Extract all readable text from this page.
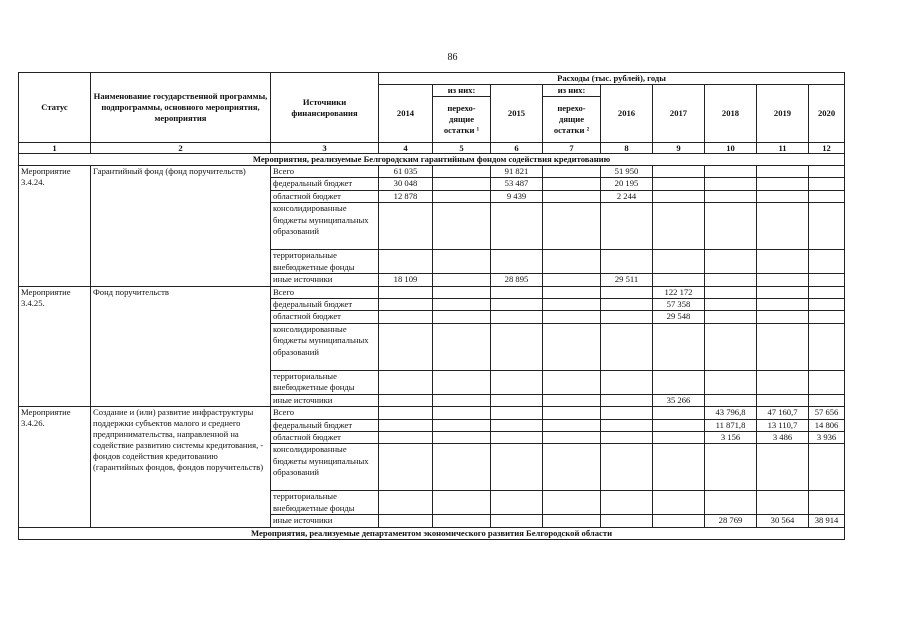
86
Статус	Наименование государственной программы, подпрограммы, основного мероприятия, мероприятия	Источники финансирования	Расходы (тыс. рублей), годы								
			2014	из них:	2015	из них:	2016	2017	2018	2019	2020
				перехо-дящие остатки ¹		перехо-дящие остатки ²					
1	2	3	4	5	6	7	8	9	10	11	12
Мероприятия, реализуемые Белгородским гарантийным фондом содействия кредитованию											
Мероприятие 3.4.24.	Гарантийный фонд (фонд поручительств)	Всего	61 035		91 821		51 950				
		федеральный бюджет	30 048		53 487		20 195				
		областной бюджет	12 878		9 439		2 244				
		консолидированные бюджеты муниципальных образований									
		территориальные внебюджетные фонды									
		иные источники	18 109		28 895		29 511				
Мероприятие 3.4.25.	Фонд поручительств	Всего						122 172			
		федеральный бюджет						57 358			
		областной бюджет						29 548			
		консолидированные бюджеты муниципальных образований									
		территориальные внебюджетные фонды									
		иные источники						35 266			
Мероприятие 3.4.26.	Создание и (или) развитие инфраструктуры поддержки субъектов малого и среднего предпринимательства, направленной на содействие развитию системы кредитования, - фондов содействия кредитованию (гарантийных фондов, фондов поручительств)	Всего							43 796,8	47 160,7	57 656
		федеральный бюджет							11 871,8	13 110,7	14 806
		областной бюджет							3 156	3 486	3 936
		консолидированные бюджеты муниципальных образований									
		территориальные внебюджетные фонды									
		иные источники							28 769	30 564	38 914
Мероприятия, реализуемые департаментом экономического развития Белгородской области											
